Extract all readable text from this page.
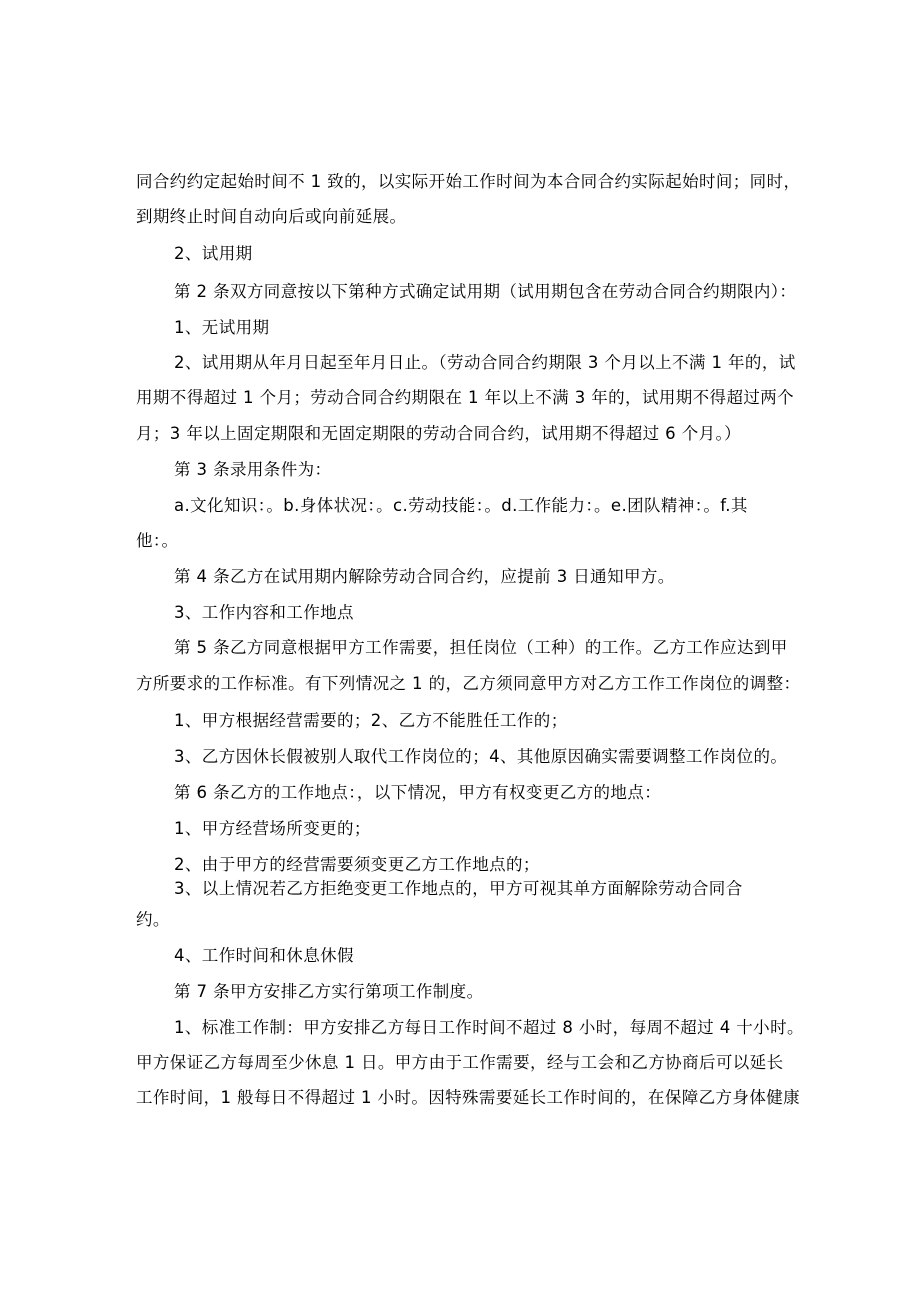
同合约约定起始时间不 1 致的，以实际开始工作时间为本合同合约实际起始时间；同时，
到期终止时间自动向后或向前延展。
2、试用期
第 2 条双方同意按以下第种方式确定试用期（试用期包含在劳动合同合约期限内）：
1、无试用期
2、试用期从年月日起至年月日止。（劳动合同合约期限 3 个月以上不满 1 年的，试
用期不得超过 1 个月；劳动合同合约期限在 1 年以上不满 3 年的，试用期不得超过两个
月；3 年以上固定期限和无固定期限的劳动合同合约，试用期不得超过 6 个月。）
第 3 条录用条件为：
a.文化知识：。b.身体状况：。c.劳动技能：。d.工作能力：。e.团队精神：。f.其
他：。
第 4 条乙方在试用期内解除劳动合同合约，应提前 3 日通知甲方。
3、工作内容和工作地点
第 5 条乙方同意根据甲方工作需要，担任岗位（工种）的工作。乙方工作应达到甲
方所要求的工作标准。有下列情况之 1 的，乙方须同意甲方对乙方工作工作岗位的调整：
1、甲方根据经营需要的；2、乙方不能胜任工作的；
3、乙方因休长假被别人取代工作岗位的；4、其他原因确实需要调整工作岗位的。
第 6 条乙方的工作地点：，以下情况，甲方有权变更乙方的地点：
1、甲方经营场所变更的；
2、由于甲方的经营需要须变更乙方工作地点的；
3、以上情况若乙方拒绝变更工作地点的，甲方可视其单方面解除劳动合同合
约。
4、工作时间和休息休假
第 7 条甲方安排乙方实行第项工作制度。
1、标准工作制：甲方安排乙方每日工作时间不超过 8 小时，每周不超过 4 十小时。
甲方保证乙方每周至少休息 1 日。甲方由于工作需要，经与工会和乙方协商后可以延长
工作时间，1 般每日不得超过 1 小时。因特殊需要延长工作时间的，在保障乙方身体健康
